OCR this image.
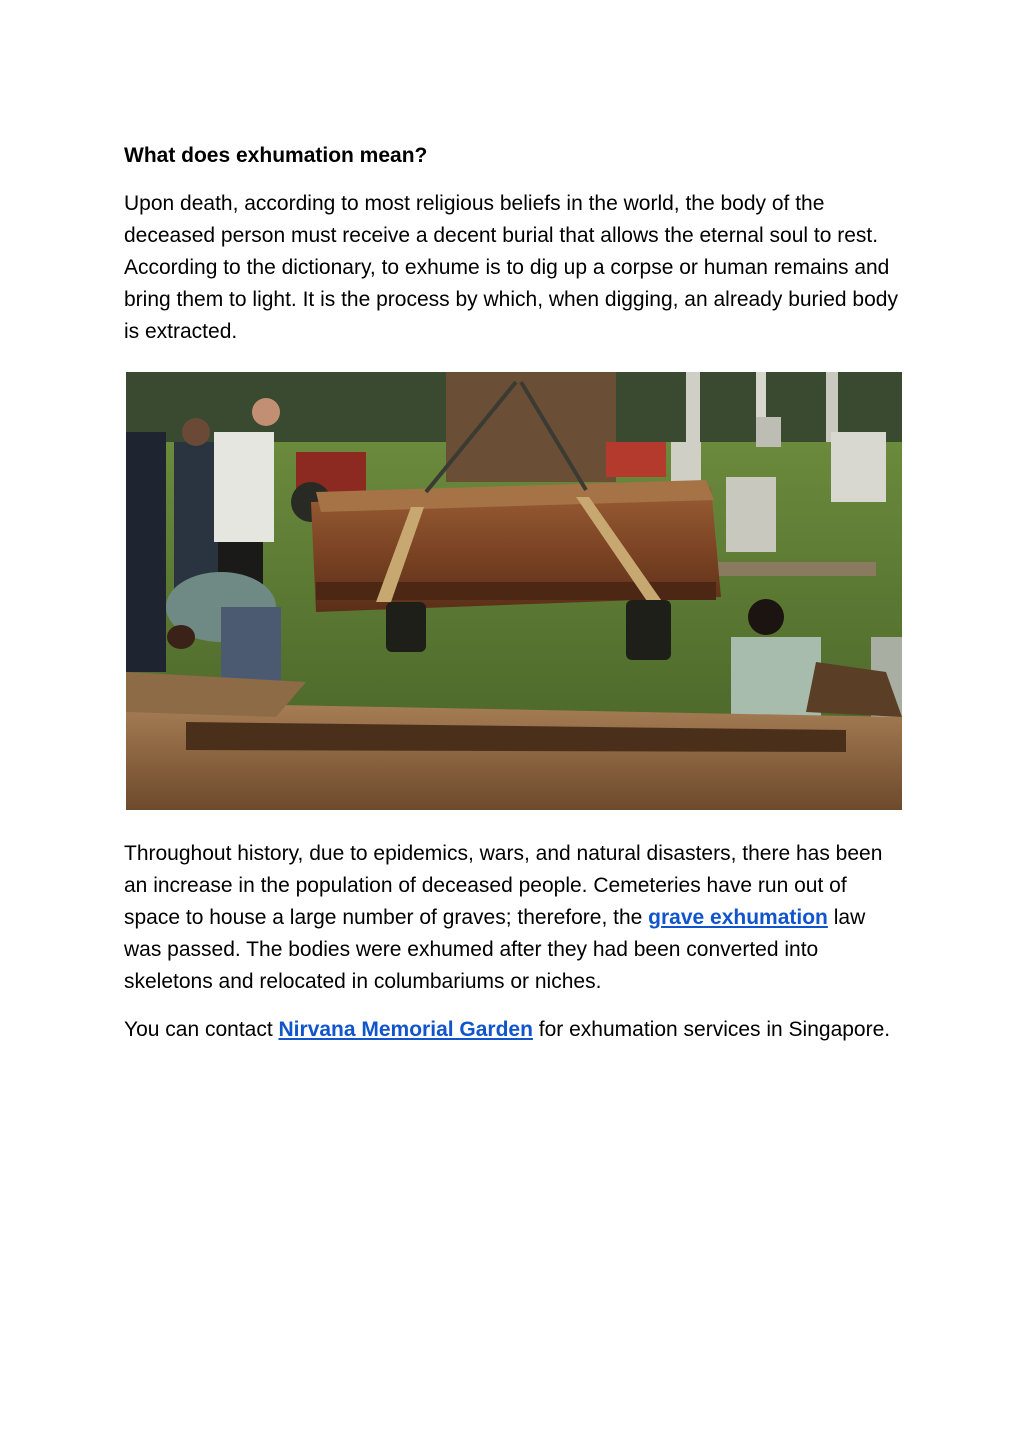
What does exhumation mean?

Upon death, according to most religious beliefs in the world, the body of the deceased person must receive a decent burial that allows the eternal soul to rest. According to the dictionary, to exhume is to dig up a corpse or human remains and bring them to light. It is the process by which, when digging, an already buried body is extracted.

Throughout history, due to epidemics, wars, and natural disasters, there has been an increase in the population of deceased people. Cemeteries have run out of space to house a large number of graves; therefore, the grave exhumation law was passed. The bodies were exhumed after they had been converted into skeletons and relocated in columbariums or niches.

You can contact Nirvana Memorial Garden for exhumation services in Singapore.
